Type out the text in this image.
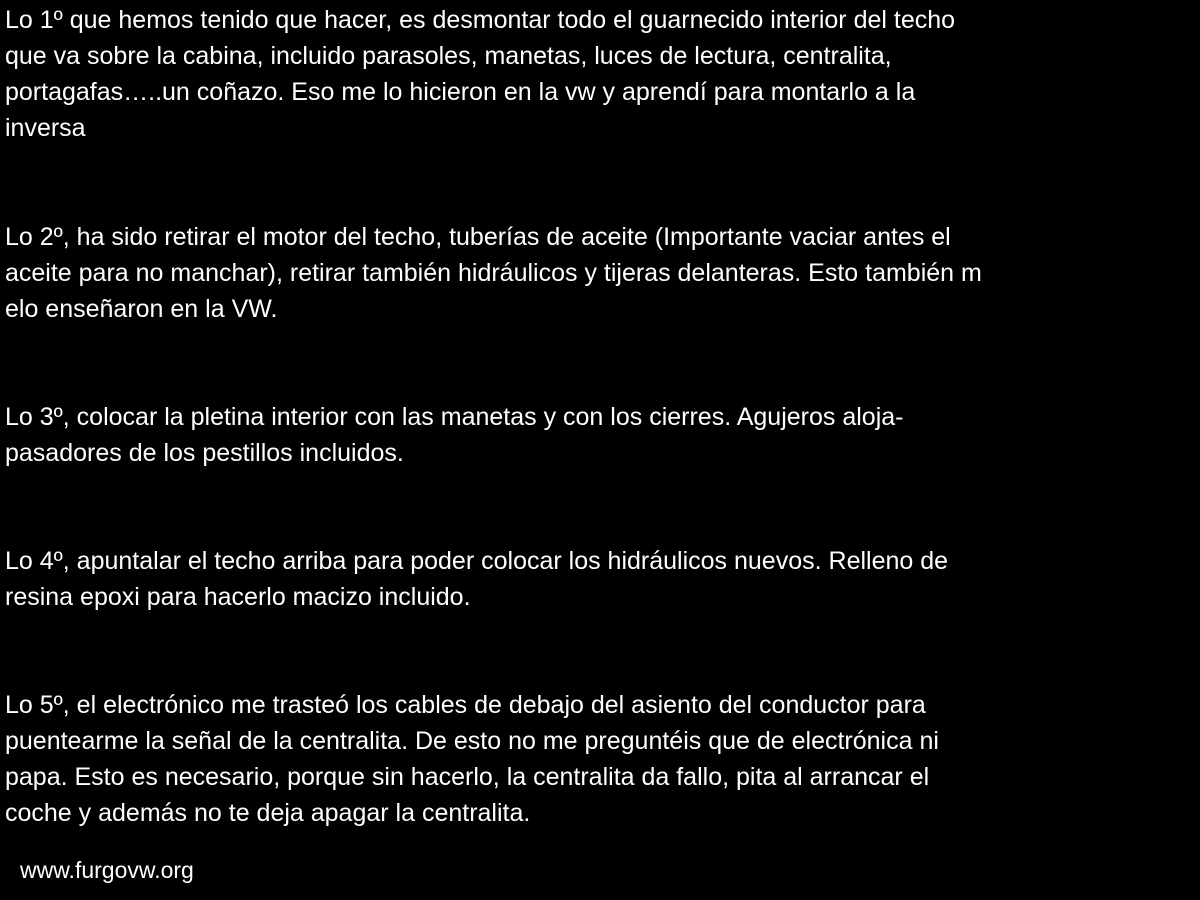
Lo 1º que hemos tenido que hacer, es desmontar todo el guarnecido interior del techo
que va sobre la cabina, incluido parasoles, manetas, luces de lectura, centralita,
portagafas…..un coñazo. Eso me lo hicieron en la vw y aprendí para montarlo a la
inversa

Lo 2º, ha sido retirar el motor del techo, tuberías de aceite (Importante vaciar antes el
aceite para no manchar), retirar también hidráulicos y tijeras delanteras. Esto también m
elo enseñaron en la VW.

Lo 3º, colocar la pletina interior con las manetas y con los cierres. Agujeros aloja-
pasadores de los pestillos incluidos.

Lo 4º, apuntalar el techo arriba para poder colocar los hidráulicos nuevos. Relleno de
resina epoxi para hacerlo macizo incluido.

Lo 5º, el electrónico me trasteó los cables de debajo del asiento del conductor para
puentearme la señal de la centralita. De esto no me preguntéis que de electrónica ni
papa. Esto es necesario, porque sin hacerlo, la centralita da fallo, pita al arrancar el
coche y además no te deja apagar la centralita.

www.furgovw.org
